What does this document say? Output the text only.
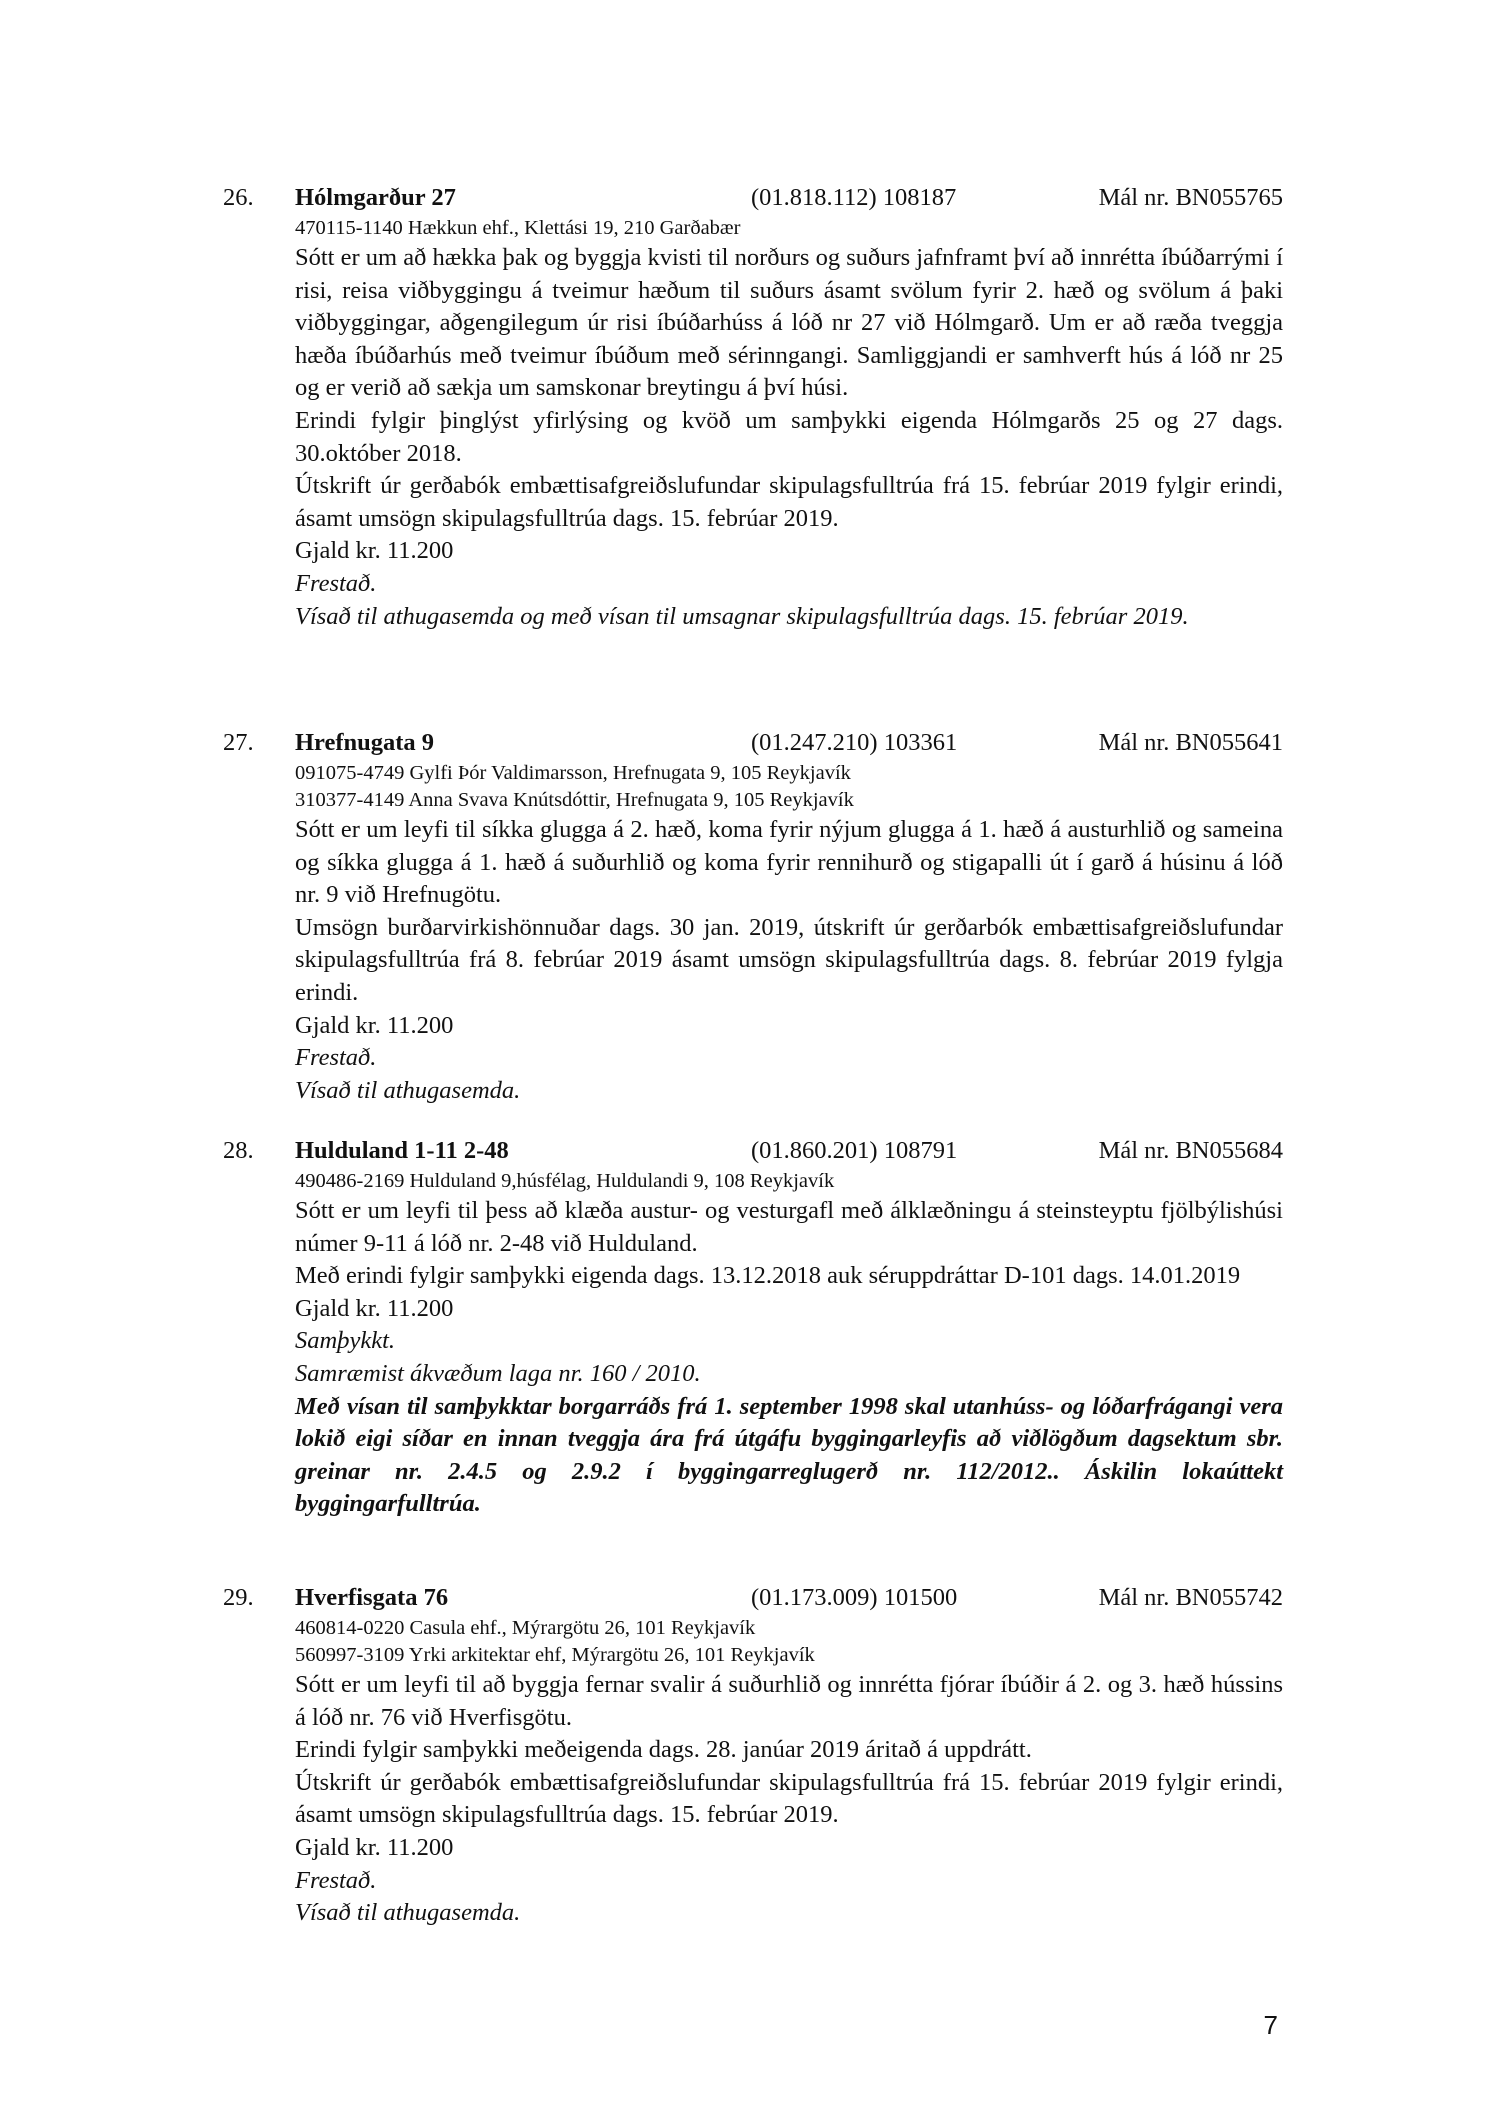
26. Hólmgarður 27	(01.818.112) 108187	Mál nr. BN055765
470115-1140 Hækkun ehf., Klettási 19, 210 Garðabær
Sótt er um að hækka þak og byggja kvisti til norðurs og suðurs jafnframt því að innrétta íbúðarrými í risi, reisa viðbyggingu á tveimur hæðum til suðurs ásamt svölum fyrir 2. hæð og svölum á þaki viðbyggingar, aðgengilegum úr risi íbúðarhúss á lóð nr 27 við Hólmgarð. Um er að ræða tveggja hæða íbúðarhús með tveimur íbúðum með sérinngangi. Samliggjandi er samhverft hús á lóð nr 25 og er verið að sækja um samskonar breytingu á því húsi.
Erindi fylgir þinglýst yfirlýsing og kvöð um samþykki eigenda Hólmgarðs 25 og 27 dags. 30.október 2018.
Útskrift úr gerðabók embættisafgreiðslufundar skipulagsfulltrúa frá 15. febrúar 2019 fylgir erindi, ásamt umsögn skipulagsfulltrúa dags. 15. febrúar 2019.
Gjald kr. 11.200
Frestað.
Vísað til athugasemda og með vísan til umsagnar skipulagsfulltrúa dags. 15. febrúar 2019.
27. Hrefnugata 9	(01.247.210) 103361	Mál nr. BN055641
091075-4749 Gylfi Þór Valdimarsson, Hrefnugata 9, 105 Reykjavík
310377-4149 Anna Svava Knútsdóttir, Hrefnugata 9, 105 Reykjavík
Sótt er um leyfi til síkka glugga á 2. hæð, koma fyrir nýjum glugga á 1. hæð á austurhlið og sameina og síkka glugga á 1. hæð á suðurhlið og koma fyrir rennihurð og stigapalli út í garð á húsinu á lóð nr. 9 við Hrefnugötu.
Umsögn burðarvirkishönnuðar dags. 30 jan. 2019, útskrift úr gerðarbók embættisafgreiðslufundar skipulagsfulltrúa frá 8. febrúar 2019 ásamt umsögn skipulagsfulltrúa dags. 8. febrúar 2019 fylgja erindi.
Gjald kr. 11.200
Frestað.
Vísað til athugasemda.
28. Hulduland 1-11 2-48	(01.860.201) 108791	Mál nr. BN055684
490486-2169 Hulduland 9,húsfélag, Huldulandi 9, 108 Reykjavík
Sótt er um leyfi til þess að klæða austur- og vesturgafl með álklæðningu á steinsteyptu fjölbýlishúsi númer 9-11 á lóð nr. 2-48 við Hulduland.
Með erindi fylgir samþykki eigenda dags. 13.12.2018 auk séruppdráttar D-101 dags. 14.01.2019
Gjald kr. 11.200
Samþykkt.
Samræmist ákvæðum laga nr. 160 / 2010.
Með vísan til samþykktar borgarráðs frá 1. september 1998 skal utanhúss- og lóðarfrágangi vera lokið eigi síðar en innan tveggja ára frá útgáfu byggingarleyfis að viðlögðum dagsektum sbr. greinar nr. 2.4.5 og 2.9.2 í byggingarreglugerð nr. 112/2012.. Áskilin lokaúttekt byggingarfulltrúa.
29. Hverfisgata 76	(01.173.009) 101500	Mál nr. BN055742
460814-0220 Casula ehf., Mýrargötu 26, 101 Reykjavík
560997-3109 Yrki arkitektar ehf, Mýrargötu 26, 101 Reykjavík
Sótt er um leyfi til að byggja fernar svalir á suðurhlið og innrétta fjórar íbúðir á 2. og 3. hæð hússins á lóð nr. 76 við Hverfisgötu.
Erindi fylgir samþykki meðeigenda dags. 28. janúar 2019 áritað á uppdrátt.
Útskrift úr gerðabók embættisafgreiðslufundar skipulagsfulltrúa frá 15. febrúar 2019 fylgir erindi, ásamt umsögn skipulagsfulltrúa dags. 15. febrúar 2019.
Gjald kr. 11.200
Frestað.
Vísað til athugasemda.
7
